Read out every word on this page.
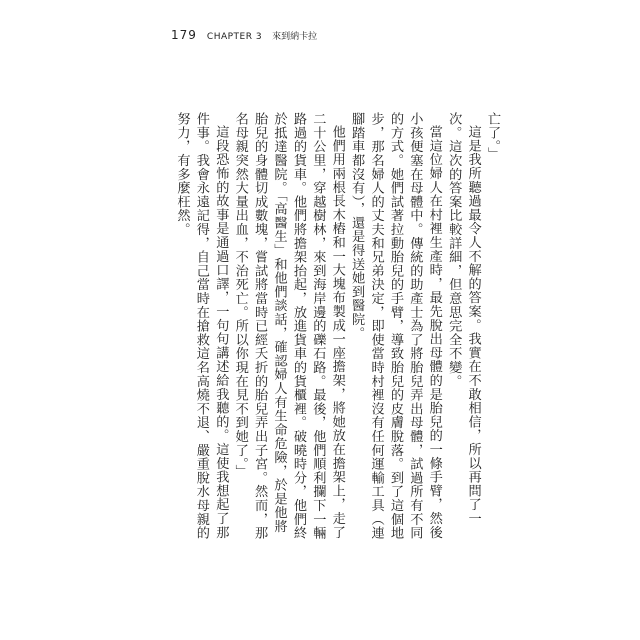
179 CHAPTER 3 來到納卡拉

亡了。」

這是我所聽過最令人不解的答案。我實在不敢相信，所以再問了一次。這次的答案比較詳細，但意思完全不變。

當這位婦人在村裡生產時，最先脫出母體的是胎兒的一條手臂，然後小孩便塞在母體中。傳統的助產士為了將胎兒弄出母體，試過所有不同的方式。她們試著拉動胎兒的手臂，導致胎兒的皮膚脫落。到了這個地步，那名婦人的丈夫和兄弟決定，即使當時村裡沒有任何運輸工具（連腳踏車都沒有），還是得送她到醫院。

他們用兩根長木樁和一大塊布製成一座擔架，將她放在擔架上，走了二十公里，穿越樹林，來到海岸邊的礫石路。最後，他們順利攔下一輛路過的貨車。他們將擔架抬起，放進貨車的貨櫃裡。破曉時分，他們終於抵達醫院。「高醫生」和他們談話，確認婦人有生命危險，於是他將胎兒的身體切成數塊，嘗試將當時已經夭折的胎兒弄出子宮。然而，那名母親突然大量出血，不治死亡。所以你現在見不到她了。」

這段恐怖的故事是通過口譯，一句句講述給我聽的。這使我想起了那件事。我會永遠記得，自己當時在搶救這名高燒不退、嚴重脫水母親的努力，有多麼枉然。
